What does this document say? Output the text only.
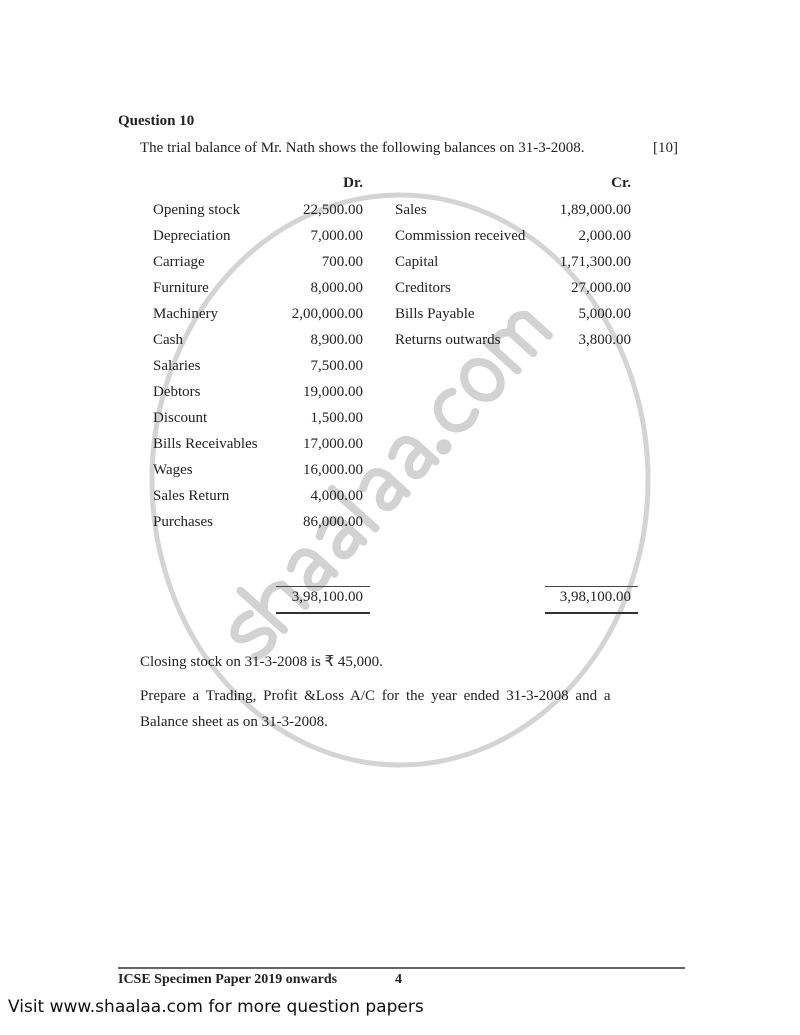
Question 10
The trial balance of Mr. Nath shows the following balances on 31-3-2008.	[10]
Dr.	Cr.
Opening stock	22,500.00 Sales	1,89,000.00
Depreciation	7,000.00 Commission received	2,000.00
Carriage	700.00 Capital	1,71,300.00
Furniture	8,000.00 Creditors	27,000.00
Machinery	2,00,000.00 Bills Payable	5,000.00
Cash	8,900.00 Returns outwards	3,800.00
Salaries	7,500.00
Debtors	19,000.00
Discount	1,500.00
Bills Receivables	17,000.00
Wages	16,000.00
Sales Return	4,000.00
Purchases	86,000.00
3,98,100.00	3,98,100.00
Closing stock on 31-3-2008 is ₹ 45,000.
Prepare a Trading, Profit &Loss A/C for the year ended 31-3-2008 and a
Balance sheet as on 31-3-2008.
ICSE Specimen Paper 2019 onwards	4
Visit www.shaalaa.com for more question papers
